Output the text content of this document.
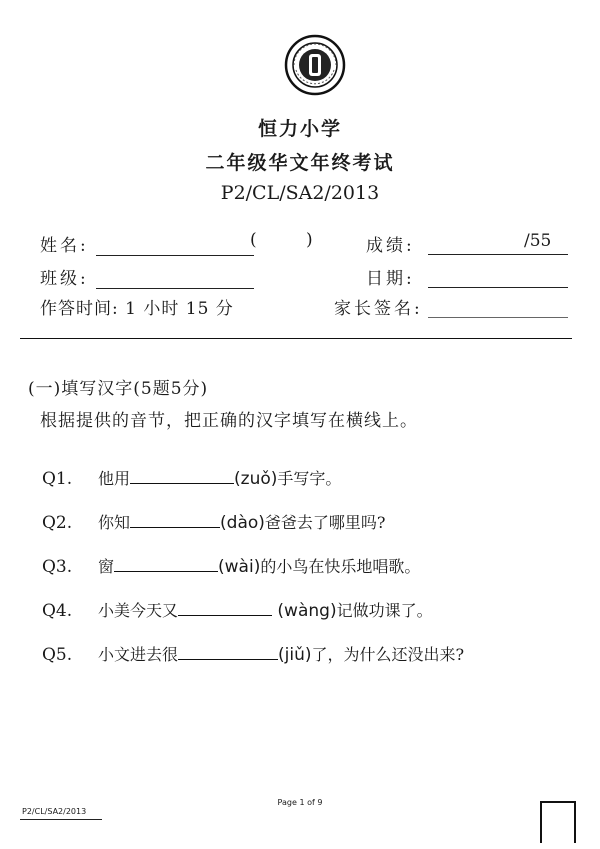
恒力小学
二年级华文年终考试
P2/CL/SA2/2013
姓名:	(	)	成绩:	/55
班级:	日期:
作答时间: 1 小时 15 分	家长签名:
(一)填写汉字(5题5分)
根据提供的音节，把正确的汉字填写在横线上。
Q1. 他用	(zuǒ)手写字。
Q2. 你知	(dào)爸爸去了哪里吗?
Q3. 窗	(wài)的小鸟在快乐地唱歌。
Q4. 小美今天又	(wàng)记做功课了。
Q5. 小文进去很	(jiǔ)了，为什么还没出来?
Page 1 of 9
P2/CL/SA2/2013
